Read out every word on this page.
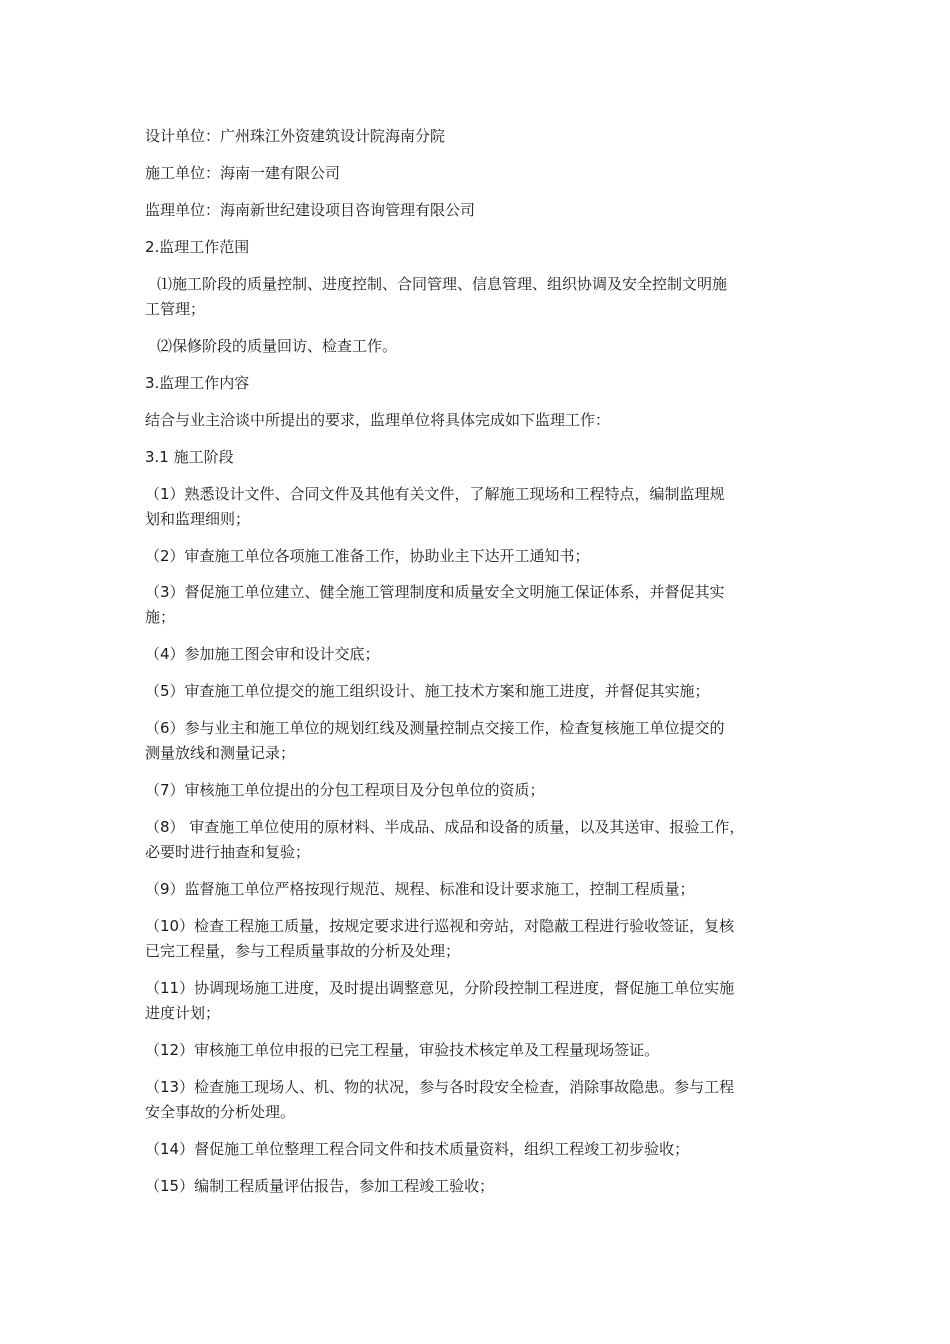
设计单位：广州珠江外资建筑设计院海南分院
施工单位：海南一建有限公司
监理单位：海南新世纪建设项目咨询管理有限公司
2.监理工作范围
⑴施工阶段的质量控制、进度控制、合同管理、信息管理、组织协调及安全控制文明施
工管理；
⑵保修阶段的质量回访、检查工作。
3.监理工作内容
结合与业主洽谈中所提出的要求，监理单位将具体完成如下监理工作：
3.1 施工阶段
（1）熟悉设计文件、合同文件及其他有关文件，了解施工现场和工程特点，编制监理规
划和监理细则；
（2）审查施工单位各项施工准备工作，协助业主下达开工通知书；
（3）督促施工单位建立、健全施工管理制度和质量安全文明施工保证体系，并督促其实
施；
（4）参加施工图会审和设计交底；
（5）审查施工单位提交的施工组织设计、施工技术方案和施工进度，并督促其实施；
（6）参与业主和施工单位的规划红线及测量控制点交接工作，检查复核施工单位提交的
测量放线和测量记录；
（7）审核施工单位提出的分包工程项目及分包单位的资质；
（8） 审查施工单位使用的原材料、半成品、成品和设备的质量，以及其送审、报验工作，
必要时进行抽查和复验；
（9）监督施工单位严格按现行规范、规程、标准和设计要求施工，控制工程质量；
（10）检查工程施工质量，按规定要求进行巡视和旁站，对隐蔽工程进行验收签证，复核
已完工程量，参与工程质量事故的分析及处理；
（11）协调现场施工进度，及时提出调整意见，分阶段控制工程进度，督促施工单位实施
进度计划；
（12）审核施工单位申报的已完工程量，审验技术核定单及工程量现场签证。
（13）检查施工现场人、机、物的状况，参与各时段安全检查，消除事故隐患。参与工程
安全事故的分析处理。
（14）督促施工单位整理工程合同文件和技术质量资料，组织工程竣工初步验收；
（15）编制工程质量评估报告，参加工程竣工验收；
